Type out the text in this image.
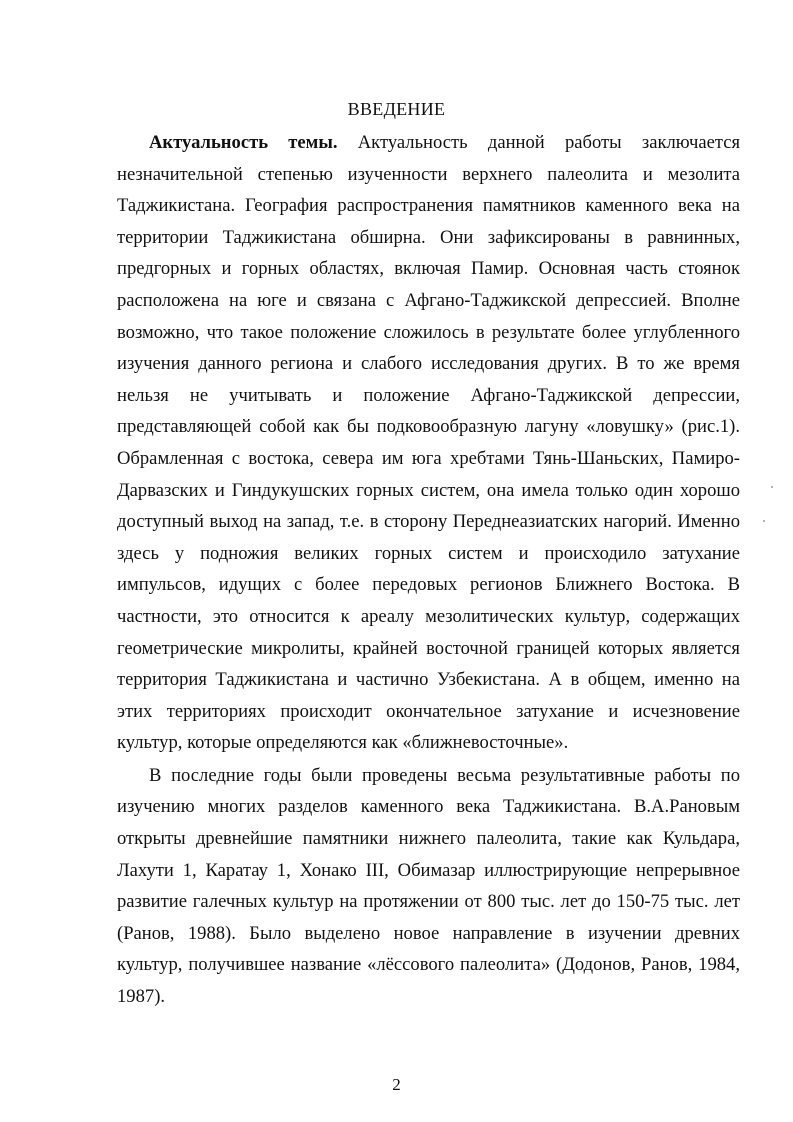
ВВЕДЕНИЕ

Актуальность темы. Актуальность данной работы заключается незначительной степенью изученности верхнего палеолита и мезолита Таджикистана. География распространения памятников каменного века на территории Таджикистана обширна. Они зафиксированы в равнинных, предгорных и горных областях, включая Памир. Основная часть стоянок расположена на юге и связана с Афгано-Таджикской депрессией. Вполне возможно, что такое положение сложилось в результате более углубленного изучения данного региона и слабого исследования других. В то же время нельзя не учитывать и положение Афгано-Таджикской депрессии, представляющей собой как бы подковообразную лагуну «ловушку» (рис.1). Обрамленная с востока, севера им юга хребтами Тянь-Шаньских, Памиро-Дарвазских и Гиндукушских горных систем, она имела только один хорошо доступный выход на запад, т.е. в сторону Переднеазиатских нагорий. Именно здесь у подножия великих горных систем и происходило затухание импульсов, идущих с более передовых регионов Ближнего Востока. В частности, это относится к ареалу мезолитических культур, содержащих геометрические микролиты, крайней восточной границей которых является территория Таджикистана и частично Узбекистана. А в общем, именно на этих территориях происходит окончательное затухание и исчезновение культур, которые определяются как «ближневосточные».

В последние годы были проведены весьма результативные работы по изучению многих разделов каменного века Таджикистана. В.А.Рановым открыты древнейшие памятники нижнего палеолита, такие как Кульдара, Лахути 1, Каратау 1, Хонако III, Обимазар иллюстрирующие непрерывное развитие галечных культур на протяжении от 800 тыс. лет до 150-75 тыс. лет (Ранов, 1988). Было выделено новое направление в изучении древних культур, получившее название «лёссового палеолита» (Додонов, Ранов, 1984, 1987).

2
